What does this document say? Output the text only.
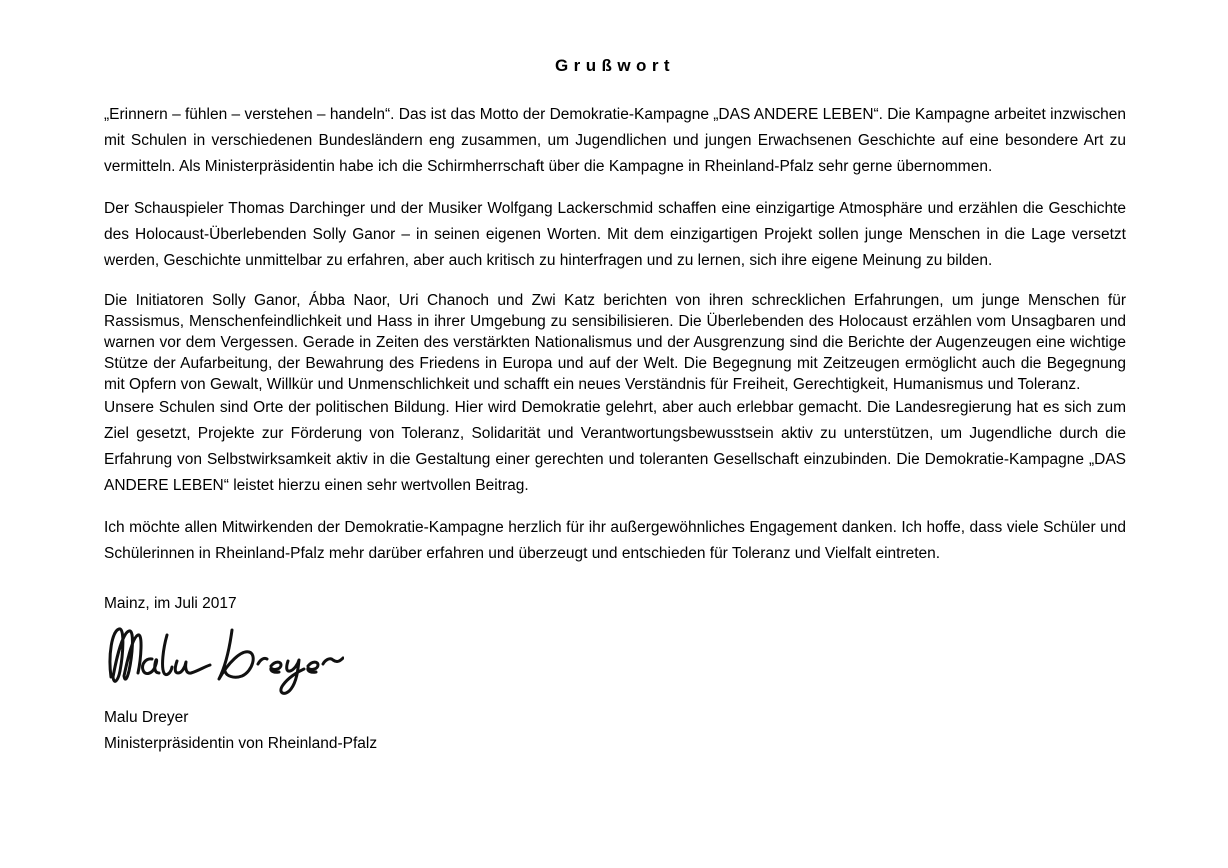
Grußwort

„Erinnern – fühlen – verstehen – handeln“. Das ist das Motto der Demokratie-Kampagne „DAS ANDERE LEBEN“. Die Kampagne arbeitet inzwischen mit Schulen in verschiedenen Bundesländern eng zusammen, um Jugendlichen und jungen Erwachsenen Geschichte auf eine besondere Art zu vermitteln. Als Ministerpräsidentin habe ich die Schirmherrschaft über die Kampagne in Rheinland-Pfalz sehr gerne übernommen.

Der Schauspieler Thomas Darchinger und der Musiker Wolfgang Lackerschmid schaffen eine einzigartige Atmosphäre und erzählen die Geschichte des Holocaust-Überlebenden Solly Ganor – in seinen eigenen Worten. Mit dem einzigartigen Projekt sollen junge Menschen in die Lage versetzt werden, Geschichte unmittelbar zu erfahren, aber auch kritisch zu hinterfragen und zu lernen, sich ihre eigene Meinung zu bilden.

Die Initiatoren Solly Ganor, Ábba Naor, Uri Chanoch und Zwi Katz berichten von ihren schrecklichen Erfahrungen, um junge Menschen für Rassismus, Menschenfeindlichkeit und Hass in ihrer Umgebung zu sensibilisieren. Die Überlebenden des Holocaust erzählen vom Unsagbaren und warnen vor dem Vergessen. Gerade in Zeiten des verstärkten Nationalismus und der Ausgrenzung sind die Berichte der Augenzeugen eine wichtige Stütze der Aufarbeitung, der Bewahrung des Friedens in Europa und auf der Welt. Die Begegnung mit Zeitzeugen ermöglicht auch die Begegnung mit Opfern von Gewalt, Willkür und Unmenschlichkeit und schafft ein neues Verständnis für Freiheit, Gerechtigkeit, Humanismus und Toleranz.

Unsere Schulen sind Orte der politischen Bildung. Hier wird Demokratie gelehrt, aber auch erlebbar gemacht. Die Landesregierung hat es sich zum Ziel gesetzt, Projekte zur Förderung von Toleranz, Solidarität und Verantwortungsbewusstsein aktiv zu unterstützen, um Jugendliche durch die Erfahrung von Selbstwirksamkeit aktiv in die Gestaltung einer gerechten und toleranten Gesellschaft einzubinden. Die Demokratie-Kampagne „DAS ANDERE LEBEN“ leistet hierzu einen sehr wertvollen Beitrag.

Ich möchte allen Mitwirkenden der Demokratie-Kampagne herzlich für ihr außergewöhnliches Engagement danken. Ich hoffe, dass viele Schüler und Schülerinnen in Rheinland-Pfalz mehr darüber erfahren und überzeugt und entschieden für Toleranz und Vielfalt eintreten.

Mainz, im Juli 2017

Malu Dreyer

Ministerpräsidentin von Rheinland-Pfalz
